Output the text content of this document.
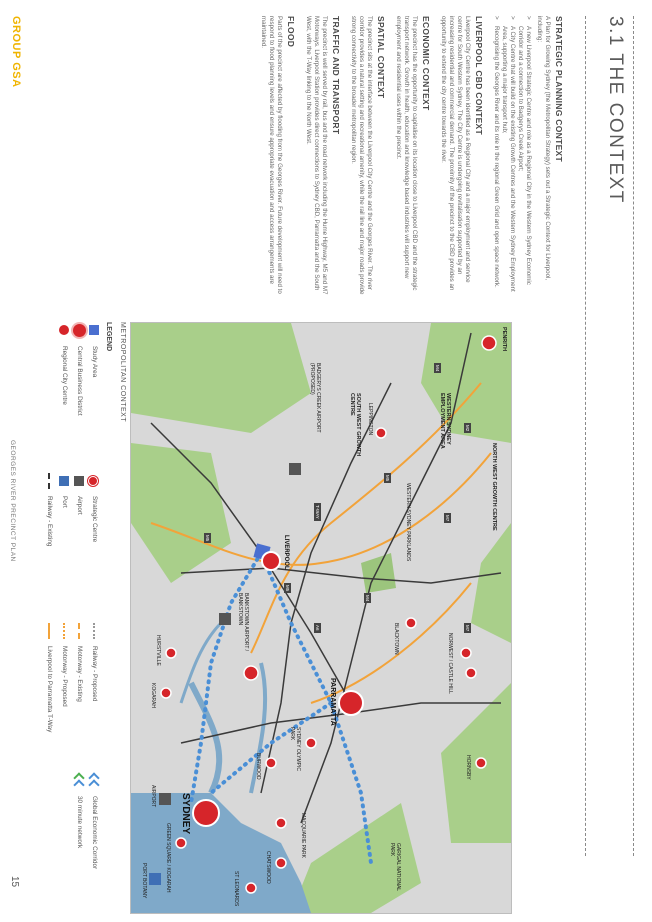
3.1 THE CONTEXT
STRATEGIC PLANNING CONTEXT

A Plan for Growing Sydney (the Metropolitan Strategy) sets out a Strategic Context for Liverpool, including:

> A new Liverpool Strategic Centre and role as a Regional City in the Western Sydney Economic Corridor and a connection to Badgerys Creek Airport;
> A City Centre that will build on the existing Growth Centres and the Western Sydney Employment Area, supporting a major transport hub;
> Recognising the Georges River and its role in the regional Green Grid and open space network.
LIVERPOOL CBD CONTEXT

Liverpool City Centre has been identified as a Regional City and a major employment and service centre for South Western Sydney. The City Centre is undergoing revitalisation supported by an increasing residential and commercial demand. The proximity of the precinct to the CBD provides an opportunity to extend the city centre towards the river.

ECONOMIC CONTEXT

The precinct has the opportunity to capitalise on its location close to Liverpool CBD and the strategic transport network. Growth in health, education and knowledge based industries will support new employment and residential uses within the precinct.

SPATIAL CONTEXT

The precinct sits at the interface between the Liverpool City Centre and the Georges River. The river corridor provides a natural setting and recreational amenity, while the rail line and major roads provide strong connectivity to the broader metropolitan region.

TRAFFIC AND TRANSPORT

The precinct is well served by rail, bus and the road network including the Hume Highway, M5 and M7 Motorways. Liverpool Station provides direct connections to Sydney CBD, Parramatta and the South West, with the T-Way linking to the North West.

FLOOD

Parts of the precinct are affected by flooding from the Georges River. Future development will need to respond to flood planning levels and ensure appropriate evacuation and access arrangements are maintained.

PENRITH
NORTH WEST GROWTH CENTRE
BLACKTOWN
WESTERN SYDNEY PARKLANDS
WESTERN SYDNEY EMPLOYMENT AREA
BADGERYS CREEK AIRPORT (PROPOSED)
SOUTH WEST GROWTH CENTRE	LEPPINGTON
LIVERPOOL
BANKSTOWN AIRPORT / BANKSTOWN
PARRAMATTA
NORWEST / CASTLE HILL
HORNSBY
SYDNEY OLYMPIC PARK
BURWOOD
MACQUARIE PARK
CHATSWOOD
ST LEONARDS
SYDNEY
AIRPORT
GREEN SQUARE / KOGARAH
HURSTVILLE
KOGARAH
PORT BOTANY	GARIGAL NATIONAL PARK
M4
M2
M7
M5
M4
M7
M5
A6
M5
T-WAY
METROPOLITAN CONTEXT
LEGEND
Study Area
Central Business District
Regional City Centre

Strategic Centre
Airport
Port
Railway - Existing

Railway - Proposed
Motorway - Existing
Motorway - Proposed
Liverpool to Parramatta T-Way

Global Economic Corridor
30 minute network
GROUP GSA
GEORGES RIVER PRECINCT PLAN
15
